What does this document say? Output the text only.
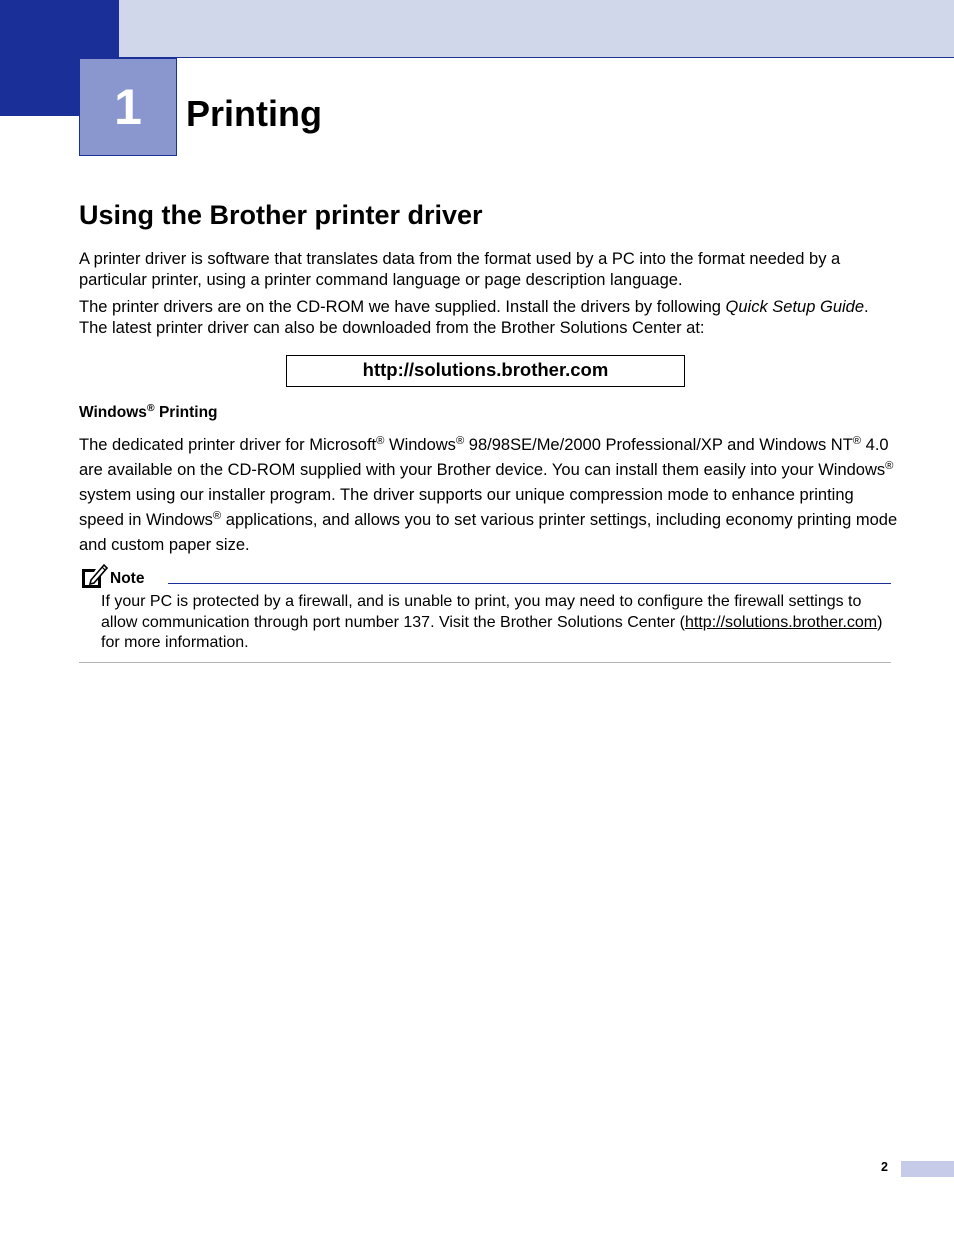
1 Printing
Using the Brother printer driver

A printer driver is software that translates data from the format used by a PC into the format needed by a particular printer, using a printer command language or page description language.

The printer drivers are on the CD-ROM we have supplied. Install the drivers by following Quick Setup Guide. The latest printer driver can also be downloaded from the Brother Solutions Center at:

http://solutions.brother.com
Windows® Printing

The dedicated printer driver for Microsoft® Windows® 98/98SE/Me/2000 Professional/XP and Windows NT® 4.0 are available on the CD-ROM supplied with your Brother device. You can install them easily into your Windows® system using our installer program. The driver supports our unique compression mode to enhance printing speed in Windows® applications, and allows you to set various printer settings, including economy printing mode and custom paper size.

Note

If your PC is protected by a firewall, and is unable to print, you may need to configure the firewall settings to allow communication through port number 137. Visit the Brother Solutions Center (http://solutions.brother.com) for more information.

2
